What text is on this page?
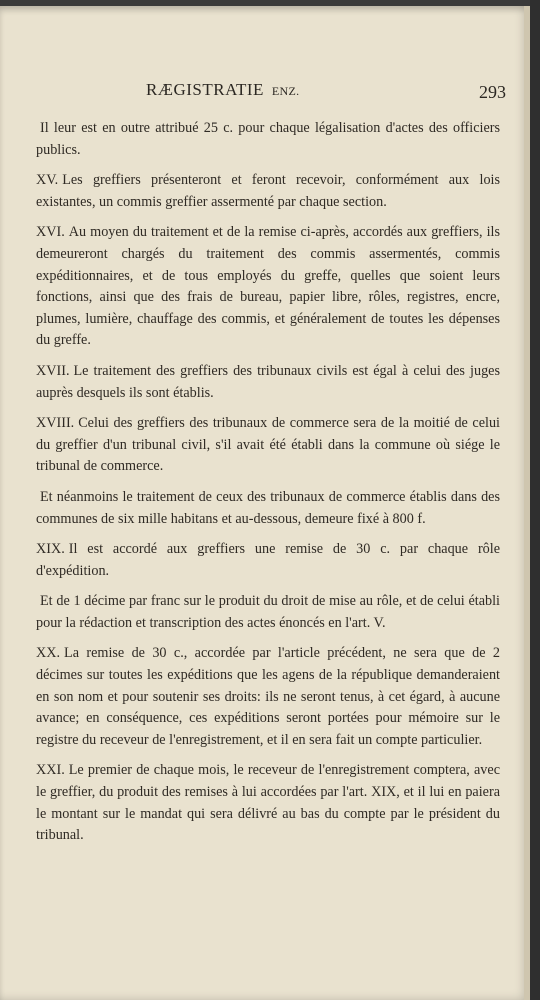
RÆGISTRATIE ENZ.	293

Il leur est en outre attribué 25 c. pour chaque légalisation d'actes des officiers publics.

XV. Les greffiers présenteront et feront recevoir, conformément aux lois existantes, un commis greffier assermenté par chaque section.

XVI. Au moyen du traitement et de la remise ci-après, accordés aux greffiers, ils demeureront chargés du traitement des commis assermentés, commis expéditionnaires, et de tous employés du greffe, quelles que soient leurs fonctions, ainsi que des frais de bureau, papier libre, rôles, registres, encre, plumes, lumière, chauffage des commis, et généralement de toutes les dépenses du greffe.

XVII. Le traitement des greffiers des tribunaux civils est égal à celui des juges auprès desquels ils sont établis.

XVIII. Celui des greffiers des tribunaux de commerce sera de la moitié de celui du greffier d'un tribunal civil, s'il avait été établi dans la commune où siége le tribunal de commerce.

Et néanmoins le traitement de ceux des tribunaux de commerce établis dans des communes de six mille habitans et au-dessous, demeure fixé à 800 f.

XIX. Il est accordé aux greffiers une remise de 30 c. par chaque rôle d'expédition.

Et de 1 décime par franc sur le produit du droit de mise au rôle, et de celui établi pour la rédaction et transcription des actes énoncés en l'art. V.

XX. La remise de 30 c., accordée par l'article précédent, ne sera que de 2 décimes sur toutes les expéditions que les agens de la république demanderaient en son nom et pour soutenir ses droits: ils ne seront tenus, à cet égard, à aucune avance; en conséquence, ces expéditions seront portées pour mémoire sur le registre du receveur de l'enregistrement, et il en sera fait un compte particulier.

XXI. Le premier de chaque mois, le receveur de l'enregistrement comptera, avec le greffier, du produit des remises à lui accordées par l'art. XIX, et il lui en paiera le montant sur le mandat qui sera délivré au bas du compte par le président du tribunal.
